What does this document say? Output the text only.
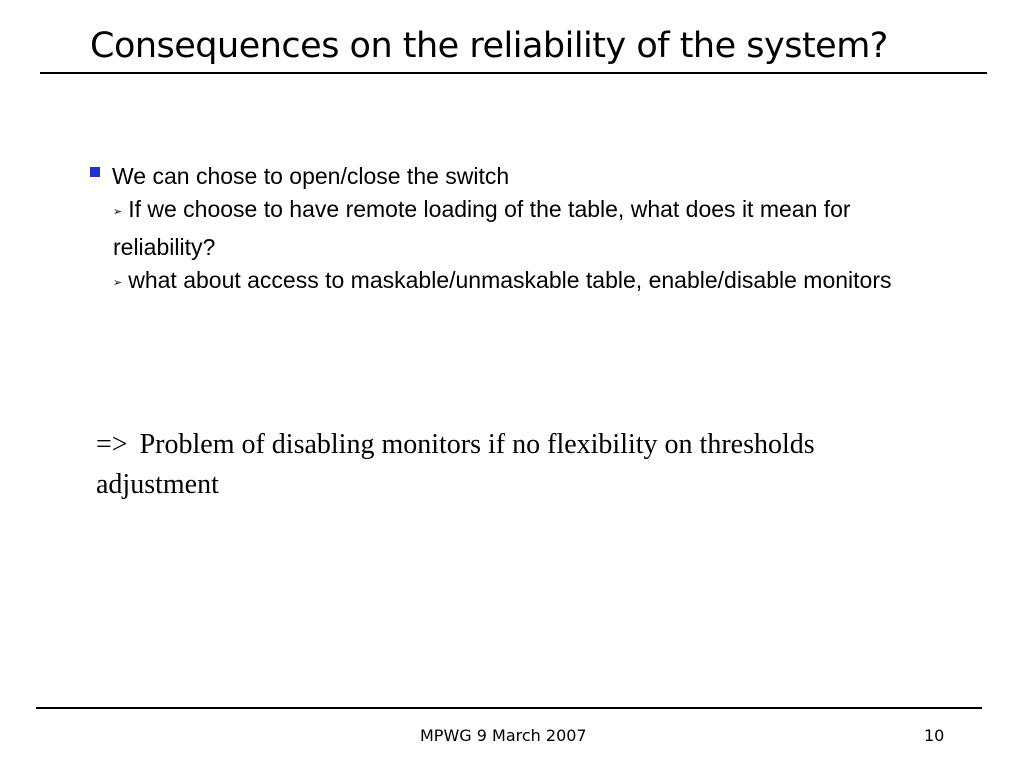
Consequences on the reliability of the system?
We can chose to open/close the switch
➢ If we choose to have remote loading of the table, what does it mean for reliability?
➢ what about access to maskable/unmaskable table, enable/disable monitors
=> Problem of disabling monitors if no flexibility on thresholds adjustment
MPWG 9 March 2007	10
